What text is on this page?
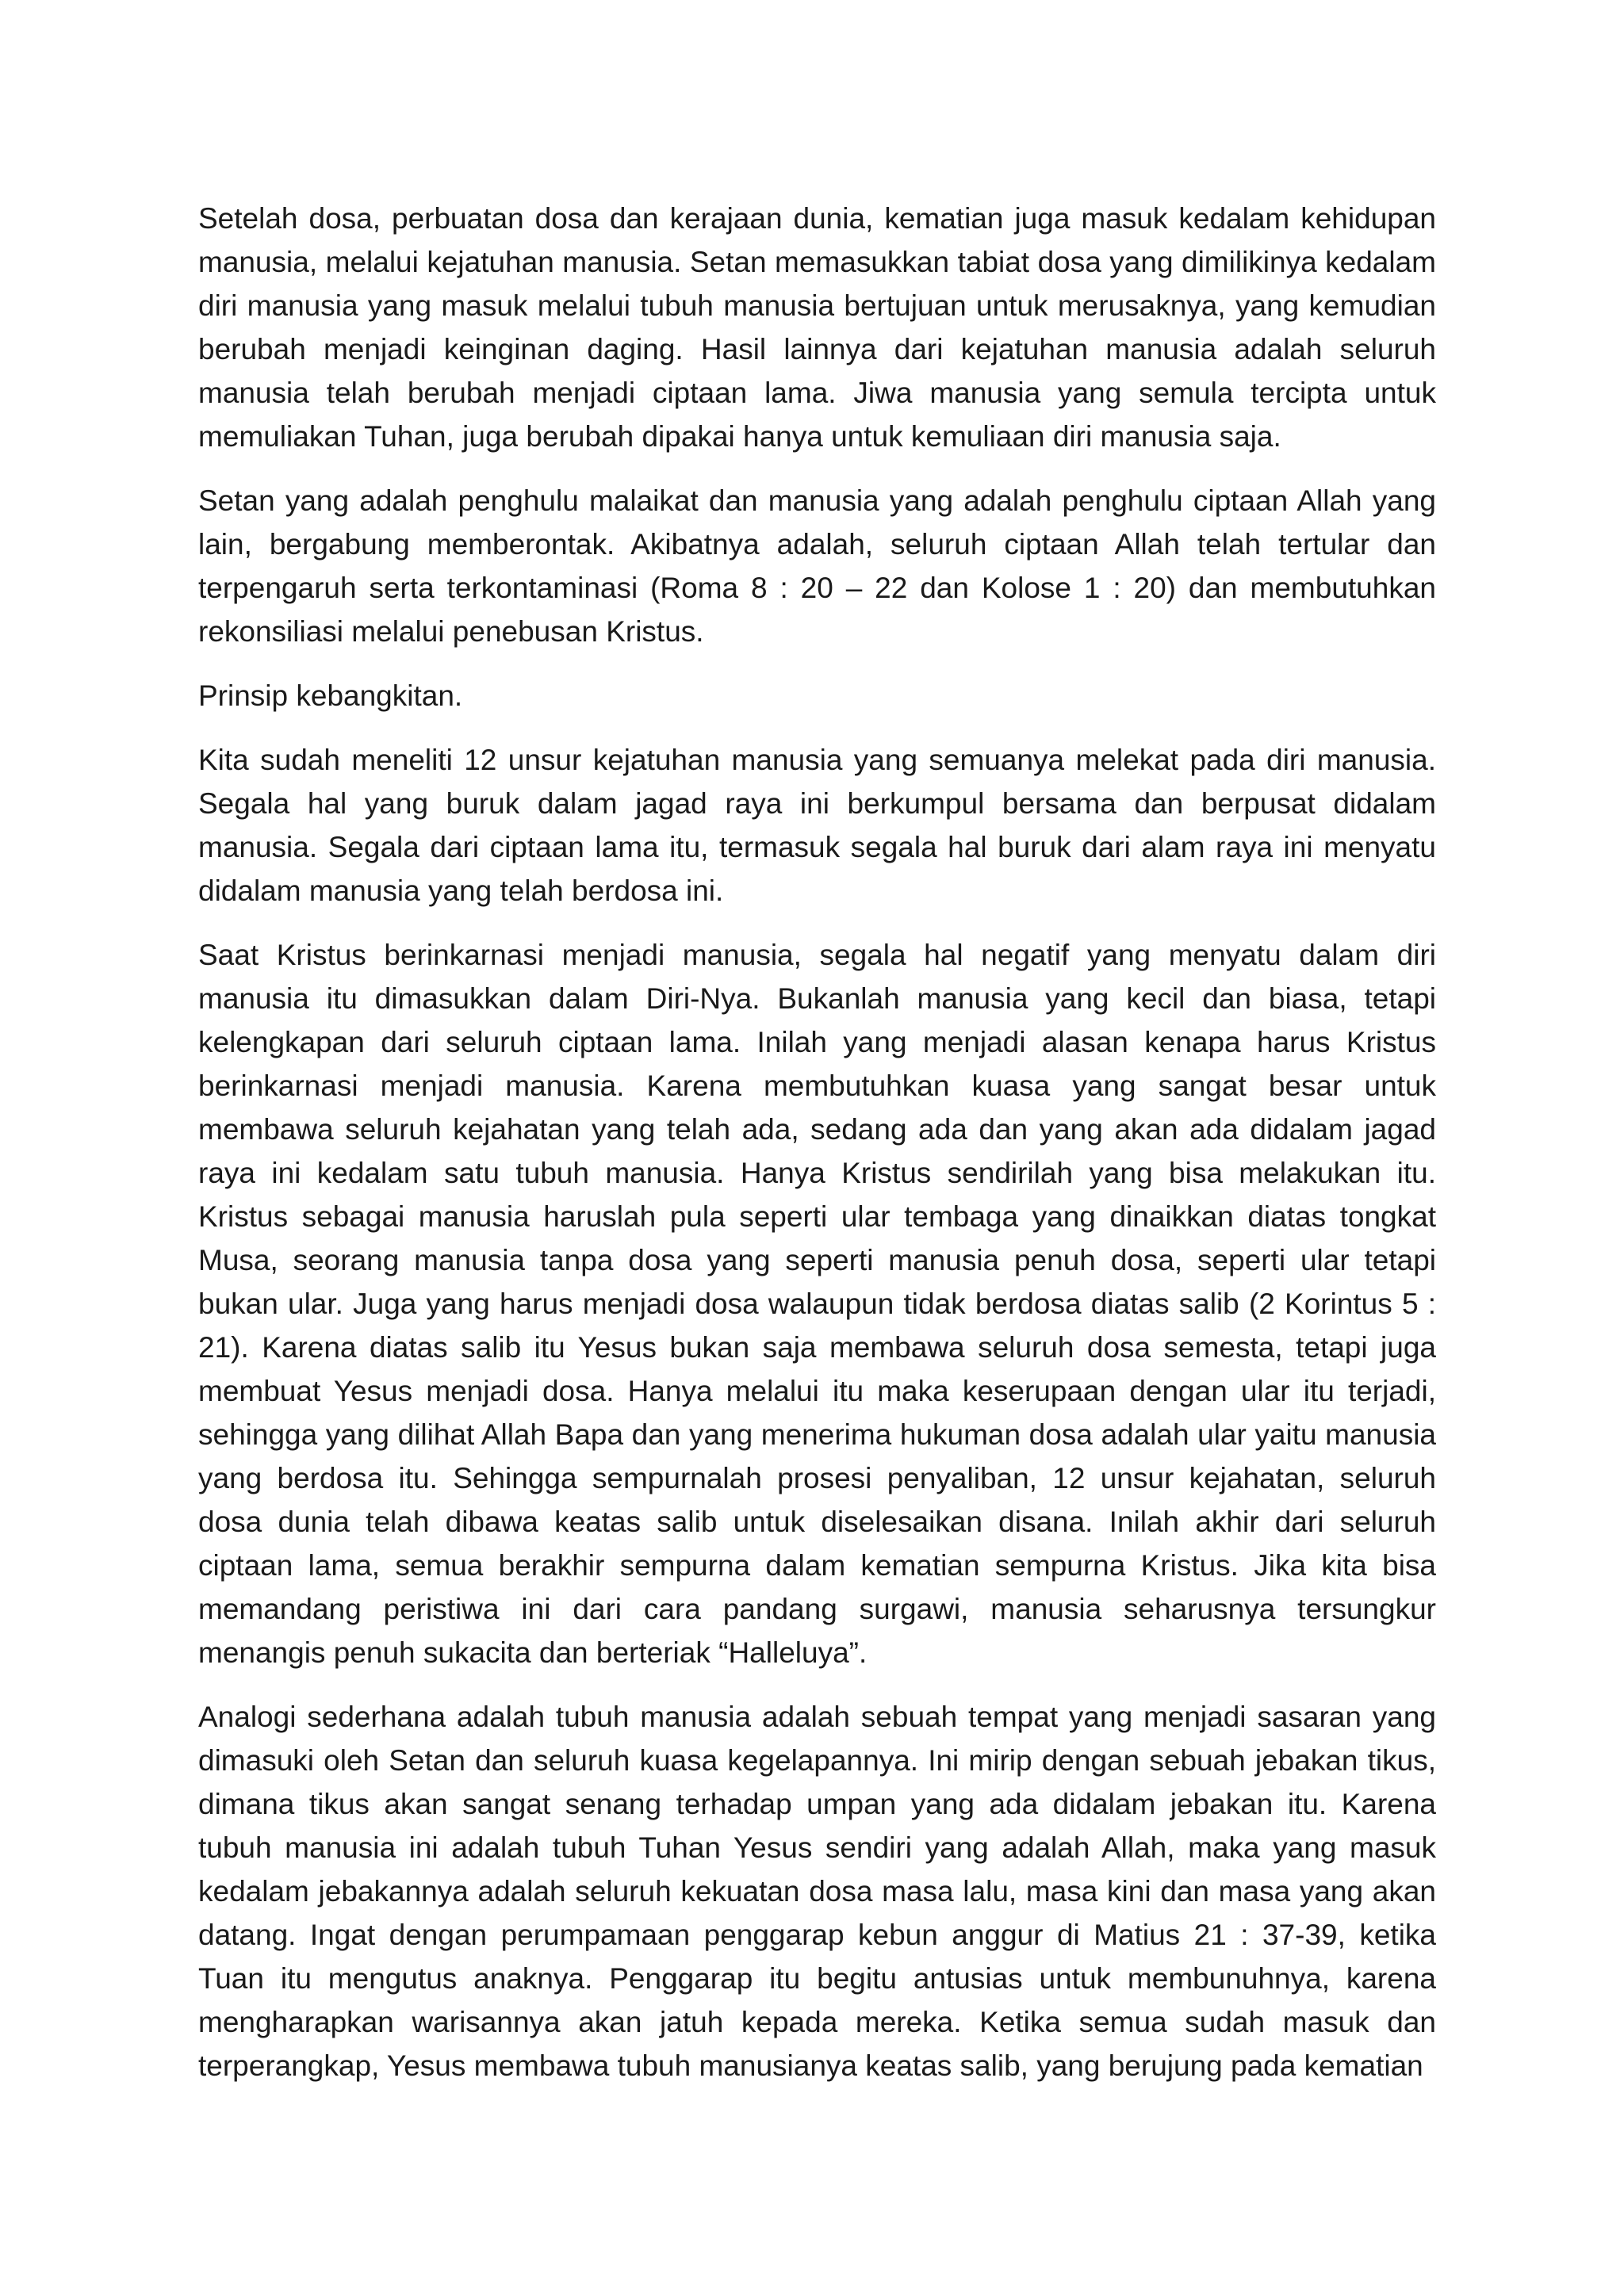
Setelah dosa, perbuatan dosa dan kerajaan dunia, kematian juga masuk kedalam kehidupan manusia, melalui kejatuhan manusia. Setan memasukkan tabiat dosa yang dimilikinya kedalam diri manusia yang masuk melalui tubuh manusia bertujuan untuk merusaknya, yang kemudian berubah menjadi keinginan daging. Hasil lainnya dari kejatuhan manusia adalah seluruh manusia telah berubah menjadi ciptaan lama. Jiwa manusia yang semula tercipta untuk memuliakan Tuhan, juga berubah dipakai hanya untuk kemuliaan diri manusia saja.

Setan yang adalah penghulu malaikat dan manusia yang adalah penghulu ciptaan Allah yang lain, bergabung memberontak. Akibatnya adalah, seluruh ciptaan Allah telah tertular dan terpengaruh serta terkontaminasi (Roma 8 : 20 – 22 dan Kolose 1 : 20) dan membutuhkan rekonsiliasi melalui penebusan Kristus.

Prinsip kebangkitan.

Kita sudah meneliti 12 unsur kejatuhan manusia yang semuanya melekat pada diri manusia. Segala hal yang buruk dalam jagad raya ini berkumpul bersama dan berpusat didalam manusia. Segala dari ciptaan lama itu, termasuk segala hal buruk dari alam raya ini menyatu didalam manusia yang telah berdosa ini.

Saat Kristus berinkarnasi menjadi manusia, segala hal negatif yang menyatu dalam diri manusia itu dimasukkan dalam Diri-Nya. Bukanlah manusia yang kecil dan biasa, tetapi kelengkapan dari seluruh ciptaan lama. Inilah yang menjadi alasan kenapa harus Kristus berinkarnasi menjadi manusia. Karena membutuhkan kuasa yang sangat besar untuk membawa seluruh kejahatan yang telah ada, sedang ada dan yang akan ada didalam jagad raya ini kedalam satu tubuh manusia. Hanya Kristus sendirilah yang bisa melakukan itu. Kristus sebagai manusia haruslah pula seperti ular tembaga yang dinaikkan diatas tongkat Musa, seorang manusia tanpa dosa yang seperti manusia penuh dosa, seperti ular tetapi bukan ular. Juga yang harus menjadi dosa walaupun tidak berdosa diatas salib (2 Korintus 5 : 21). Karena diatas salib itu Yesus bukan saja membawa seluruh dosa semesta, tetapi juga membuat Yesus menjadi dosa. Hanya melalui itu maka keserupaan dengan ular itu terjadi, sehingga yang dilihat Allah Bapa dan yang menerima hukuman dosa adalah ular yaitu manusia yang berdosa itu. Sehingga sempurnalah prosesi penyaliban, 12 unsur kejahatan, seluruh dosa dunia telah dibawa keatas salib untuk diselesaikan disana. Inilah akhir dari seluruh ciptaan lama, semua berakhir sempurna dalam kematian sempurna Kristus. Jika kita bisa memandang peristiwa ini dari cara pandang surgawi, manusia seharusnya tersungkur menangis penuh sukacita dan berteriak “Halleluya”.

Analogi sederhana adalah tubuh manusia adalah sebuah tempat yang menjadi sasaran yang dimasuki oleh Setan dan seluruh kuasa kegelapannya. Ini mirip dengan sebuah jebakan tikus, dimana tikus akan sangat senang terhadap umpan yang ada didalam jebakan itu. Karena tubuh manusia ini adalah tubuh Tuhan Yesus sendiri yang adalah Allah, maka yang masuk kedalam jebakannya adalah seluruh kekuatan dosa masa lalu, masa kini dan masa yang akan datang. Ingat dengan perumpamaan penggarap kebun anggur di Matius 21 : 37-39, ketika Tuan itu mengutus anaknya. Penggarap itu begitu antusias untuk membunuhnya, karena mengharapkan warisannya akan jatuh kepada mereka. Ketika semua sudah masuk dan terperangkap, Yesus membawa tubuh manusianya keatas salib, yang berujung pada kematian
